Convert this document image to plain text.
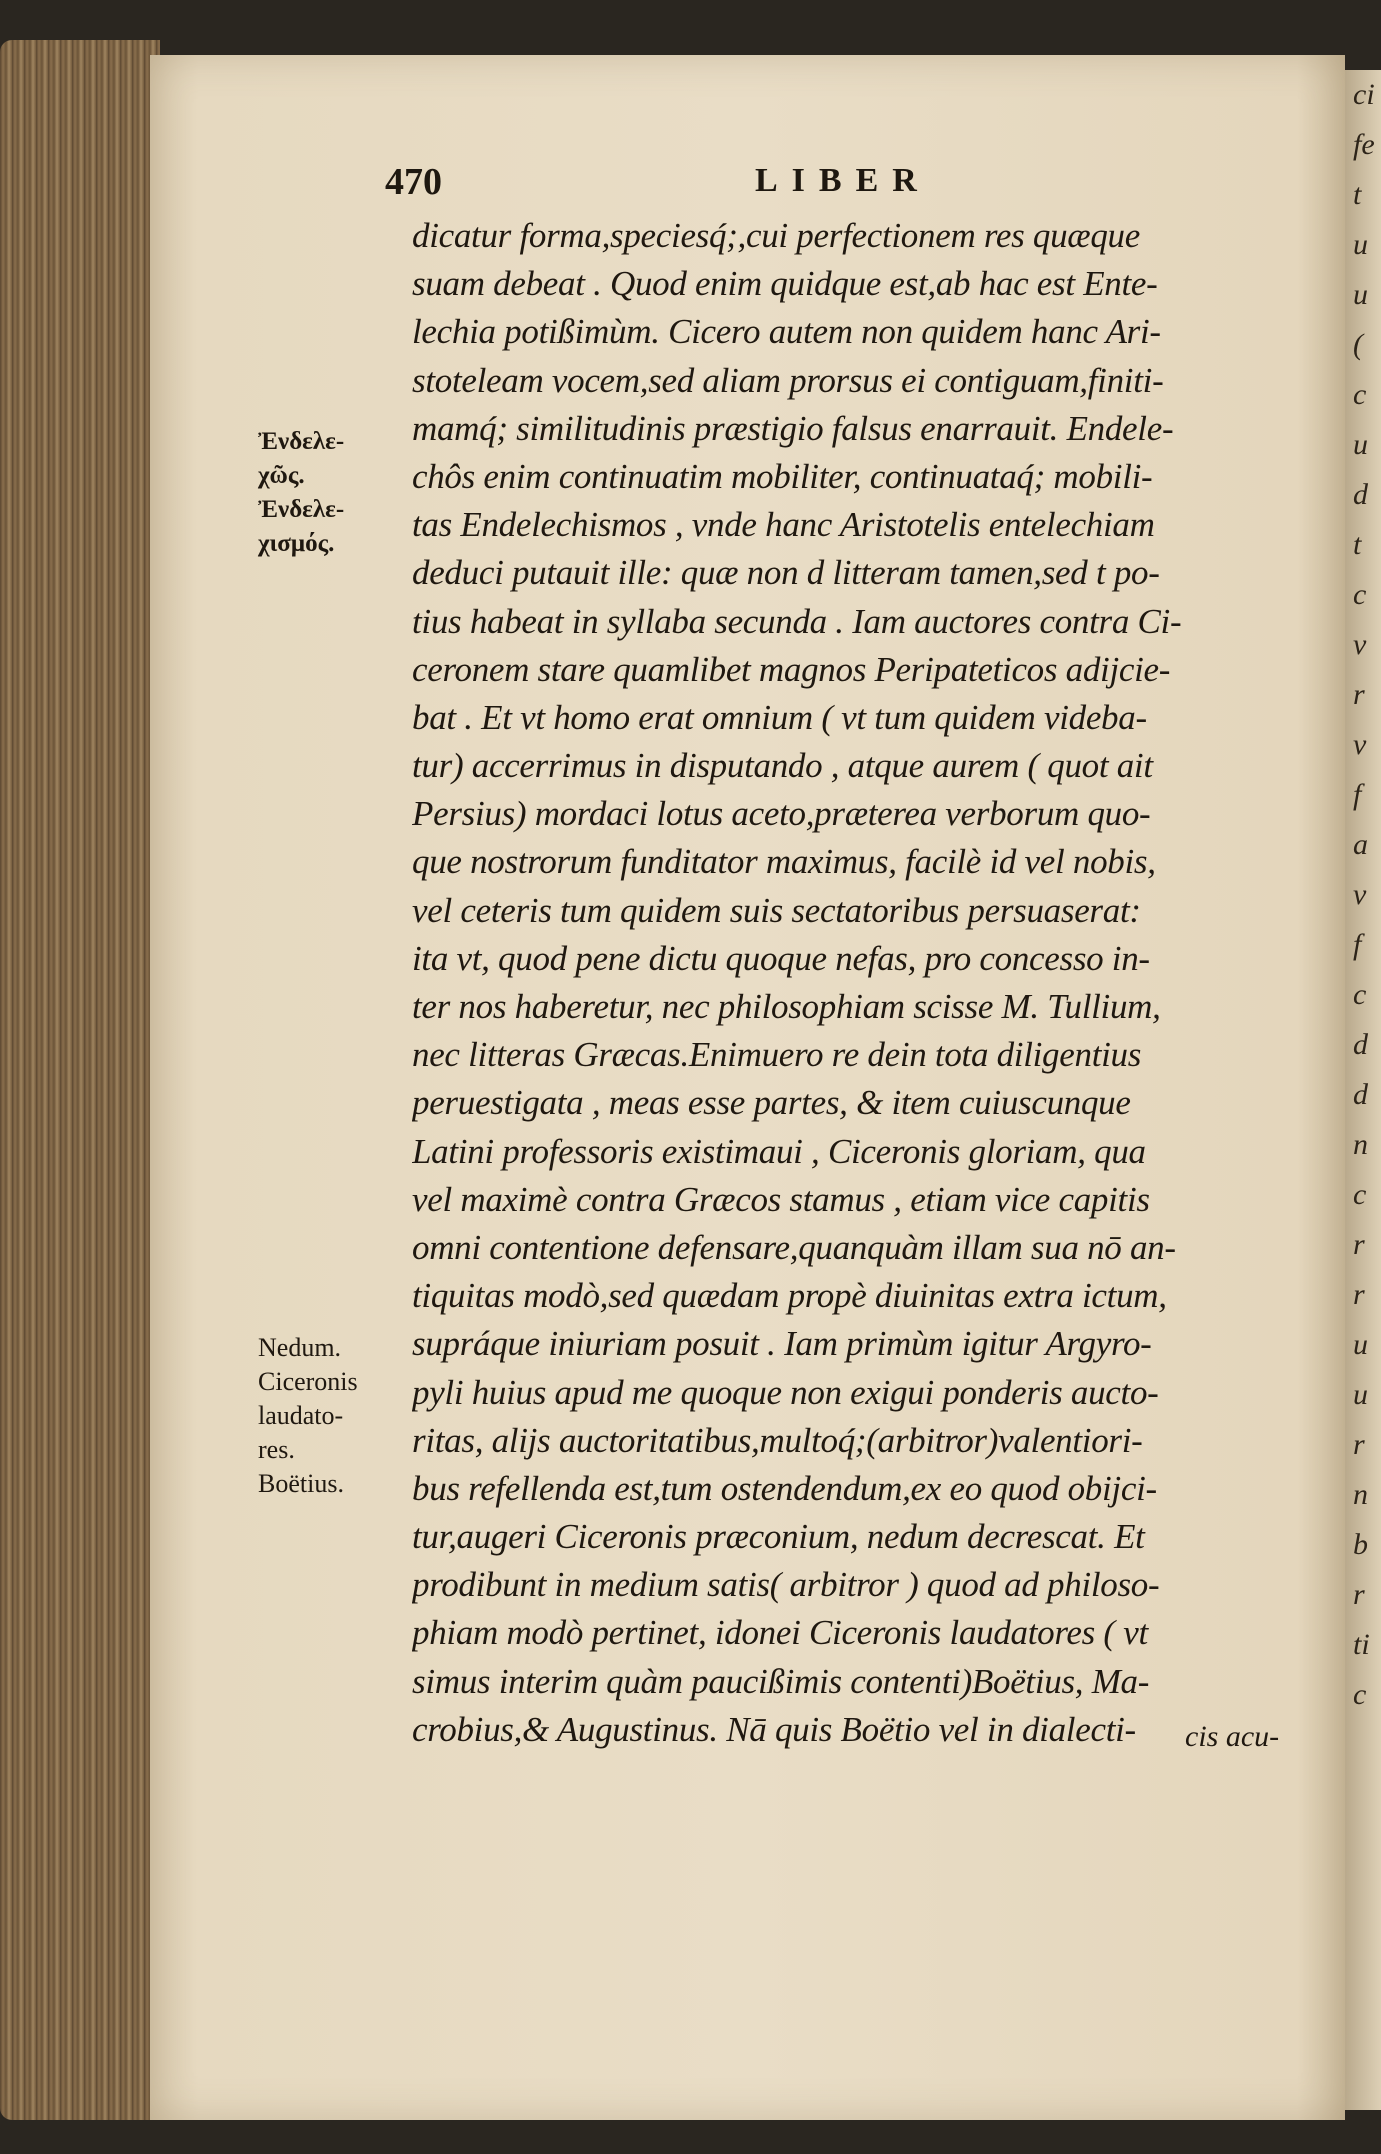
ci
fe
t
u
u
(
c
u
d
t
c
v
r
v
f
a
v
f
c
d
d
n
c
r
r
u
u
r
n
b
r
ti
c
470	LIBER
Ἐνδελε-
χῶς.
Ἐνδελε-
χισμός.
Nedum.
Ciceronis
laudato-
res.
Boëtius.
dicatur forma,speciesq́;,cui perfectionem res quæque
suam debeat . Quod enim quidque est,ab hac est Ente-
lechia potißimùm. Cicero autem non quidem hanc Ari-
stoteleam vocem,sed aliam prorsus ei contiguam,finiti-
mamq́; similitudinis præstigio falsus enarrauit. Endele-
chôs enim continuatim mobiliter, continuataq́; mobili-
tas Endelechismos , vnde hanc Aristotelis entelechiam
deduci putauit ille: quæ non d litteram tamen,sed t po-
tius habeat in syllaba secunda . Iam auctores contra Ci-
ceronem stare quamlibet magnos Peripateticos adijcie-
bat . Et vt homo erat omnium ( vt tum quidem videba-
tur) accerrimus in disputando , atque aurem ( quot ait
Persius) mordaci lotus aceto,præterea verborum quo-
que nostrorum funditator maximus, facilè id vel nobis,
vel ceteris tum quidem suis sectatoribus persuaserat:
ita vt, quod pene dictu quoque nefas, pro concesso in-
ter nos haberetur, nec philosophiam scisse M. Tullium,
nec litteras Græcas.Enimuero re dein tota diligentius
peruestigata , meas esse partes, & item cuiuscunque
Latini professoris existimaui , Ciceronis gloriam, qua
vel maximè contra Græcos stamus , etiam vice capitis
omni contentione defensare,quanquàm illam sua nō an-
tiquitas modò,sed quædam propè diuinitas extra ictum,
supráque iniuriam posuit . Iam primùm igitur Argyro-
pyli huius apud me quoque non exigui ponderis aucto-
ritas, alijs auctoritatibus,multoq́;(arbitror)valentiori-
bus refellenda est,tum ostendendum,ex eo quod obijci-
tur,augeri Ciceronis præconium, nedum decrescat. Et
prodibunt in medium satis( arbitror ) quod ad philoso-
phiam modò pertinet, idonei Ciceronis laudatores ( vt
simus interim quàm paucißimis contenti)Boëtius, Ma-
crobius,& Augustinus. Nā quis Boëtio vel in dialecti-	cis acu-
